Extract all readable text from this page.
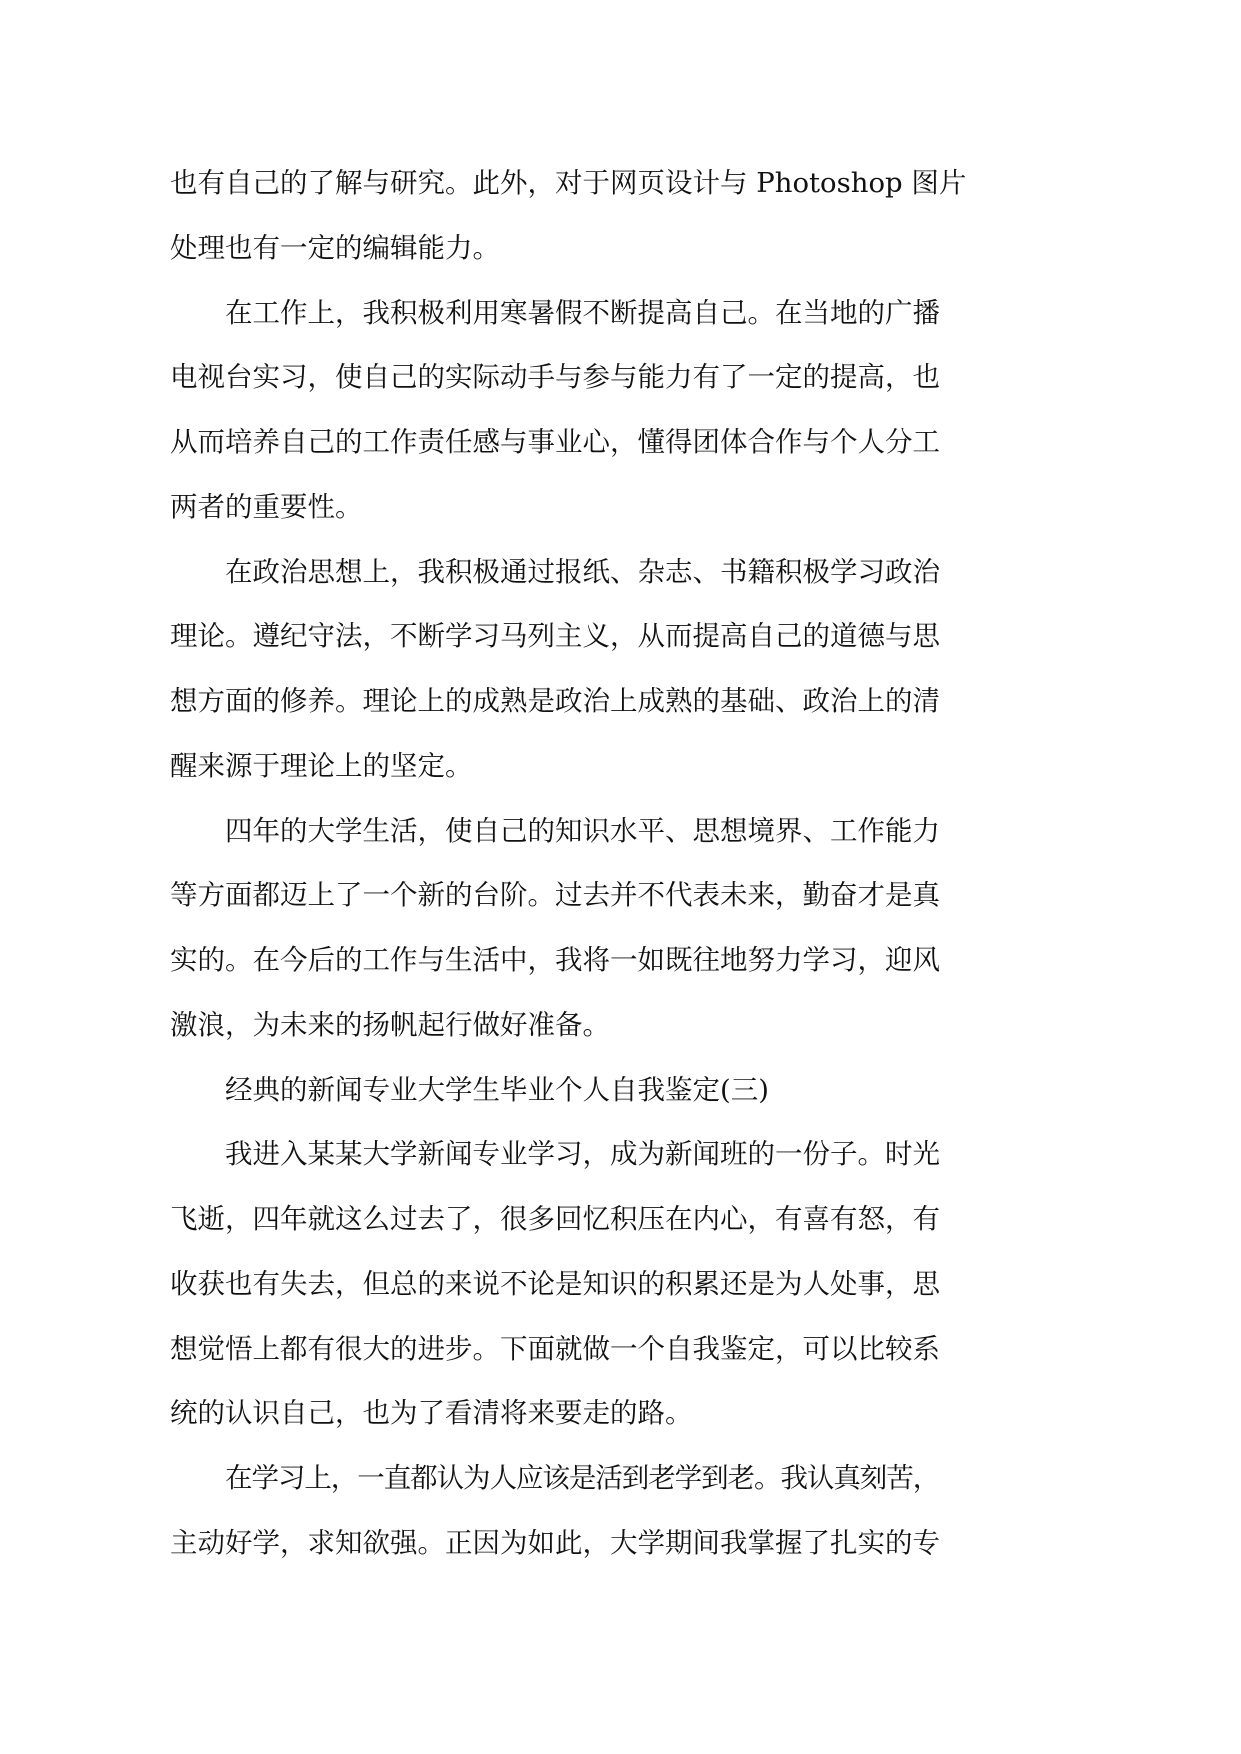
也有自己的了解与研究。此外，对于网页设计与 Photoshop 图片
处理也有一定的编辑能力。
在工作上，我积极利用寒暑假不断提高自己。在当地的广播
电视台实习，使自己的实际动手与参与能力有了一定的提高，也
从而培养自己的工作责任感与事业心，懂得团体合作与个人分工
两者的重要性。
在政治思想上，我积极通过报纸、杂志、书籍积极学习政治
理论。遵纪守法，不断学习马列主义，从而提高自己的道德与思
想方面的修养。理论上的成熟是政治上成熟的基础、政治上的清
醒来源于理论上的坚定。
四年的大学生活，使自己的知识水平、思想境界、工作能力
等方面都迈上了一个新的台阶。过去并不代表未来，勤奋才是真
实的。在今后的工作与生活中，我将一如既往地努力学习，迎风
激浪，为未来的扬帆起行做好准备。
经典的新闻专业大学生毕业个人自我鉴定(三)
我进入某某大学新闻专业学习，成为新闻班的一份子。时光
飞逝，四年就这么过去了，很多回忆积压在内心，有喜有怒，有
收获也有失去，但总的来说不论是知识的积累还是为人处事，思
想觉悟上都有很大的进步。下面就做一个自我鉴定，可以比较系
统的认识自己，也为了看清将来要走的路。
在学习上，一直都认为人应该是活到老学到老。我认真刻苦，
主动好学，求知欲强。正因为如此，大学期间我掌握了扎实的专
